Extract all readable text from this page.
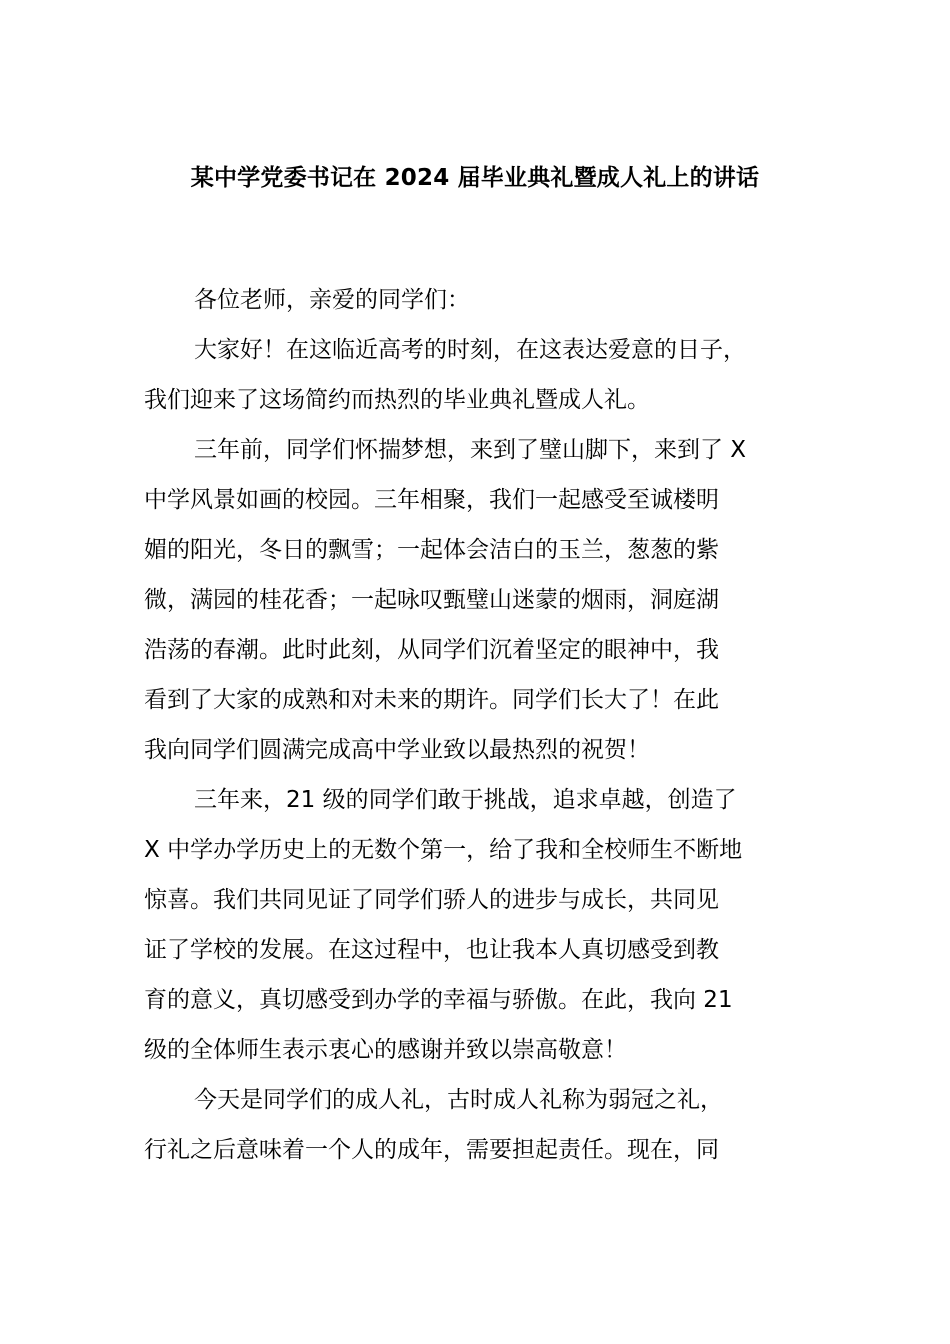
某中学党委书记在 2024 届毕业典礼暨成人礼上的讲话
各位老师，亲爱的同学们：
大家好！在这临近高考的时刻，在这表达爱意的日子，
我们迎来了这场简约而热烈的毕业典礼暨成人礼。
三年前，同学们怀揣梦想，来到了璧山脚下，来到了 X
中学风景如画的校园。三年相聚，我们一起感受至诚楼明
媚的阳光，冬日的飘雪；一起体会洁白的玉兰，葱葱的紫
微，满园的桂花香；一起咏叹甄璧山迷蒙的烟雨，洞庭湖
浩荡的春潮。此时此刻，从同学们沉着坚定的眼神中，我
看到了大家的成熟和对未来的期许。同学们长大了！在此
我向同学们圆满完成高中学业致以最热烈的祝贺！
三年来，21 级的同学们敢于挑战，追求卓越，创造了
X 中学办学历史上的无数个第一，给了我和全校师生不断地
惊喜。我们共同见证了同学们骄人的进步与成长，共同见
证了学校的发展。在这过程中，也让我本人真切感受到教
育的意义，真切感受到办学的幸福与骄傲。在此，我向 21
级的全体师生表示衷心的感谢并致以崇高敬意！
今天是同学们的成人礼，古时成人礼称为弱冠之礼，
行礼之后意味着一个人的成年，需要担起责任。现在，同
